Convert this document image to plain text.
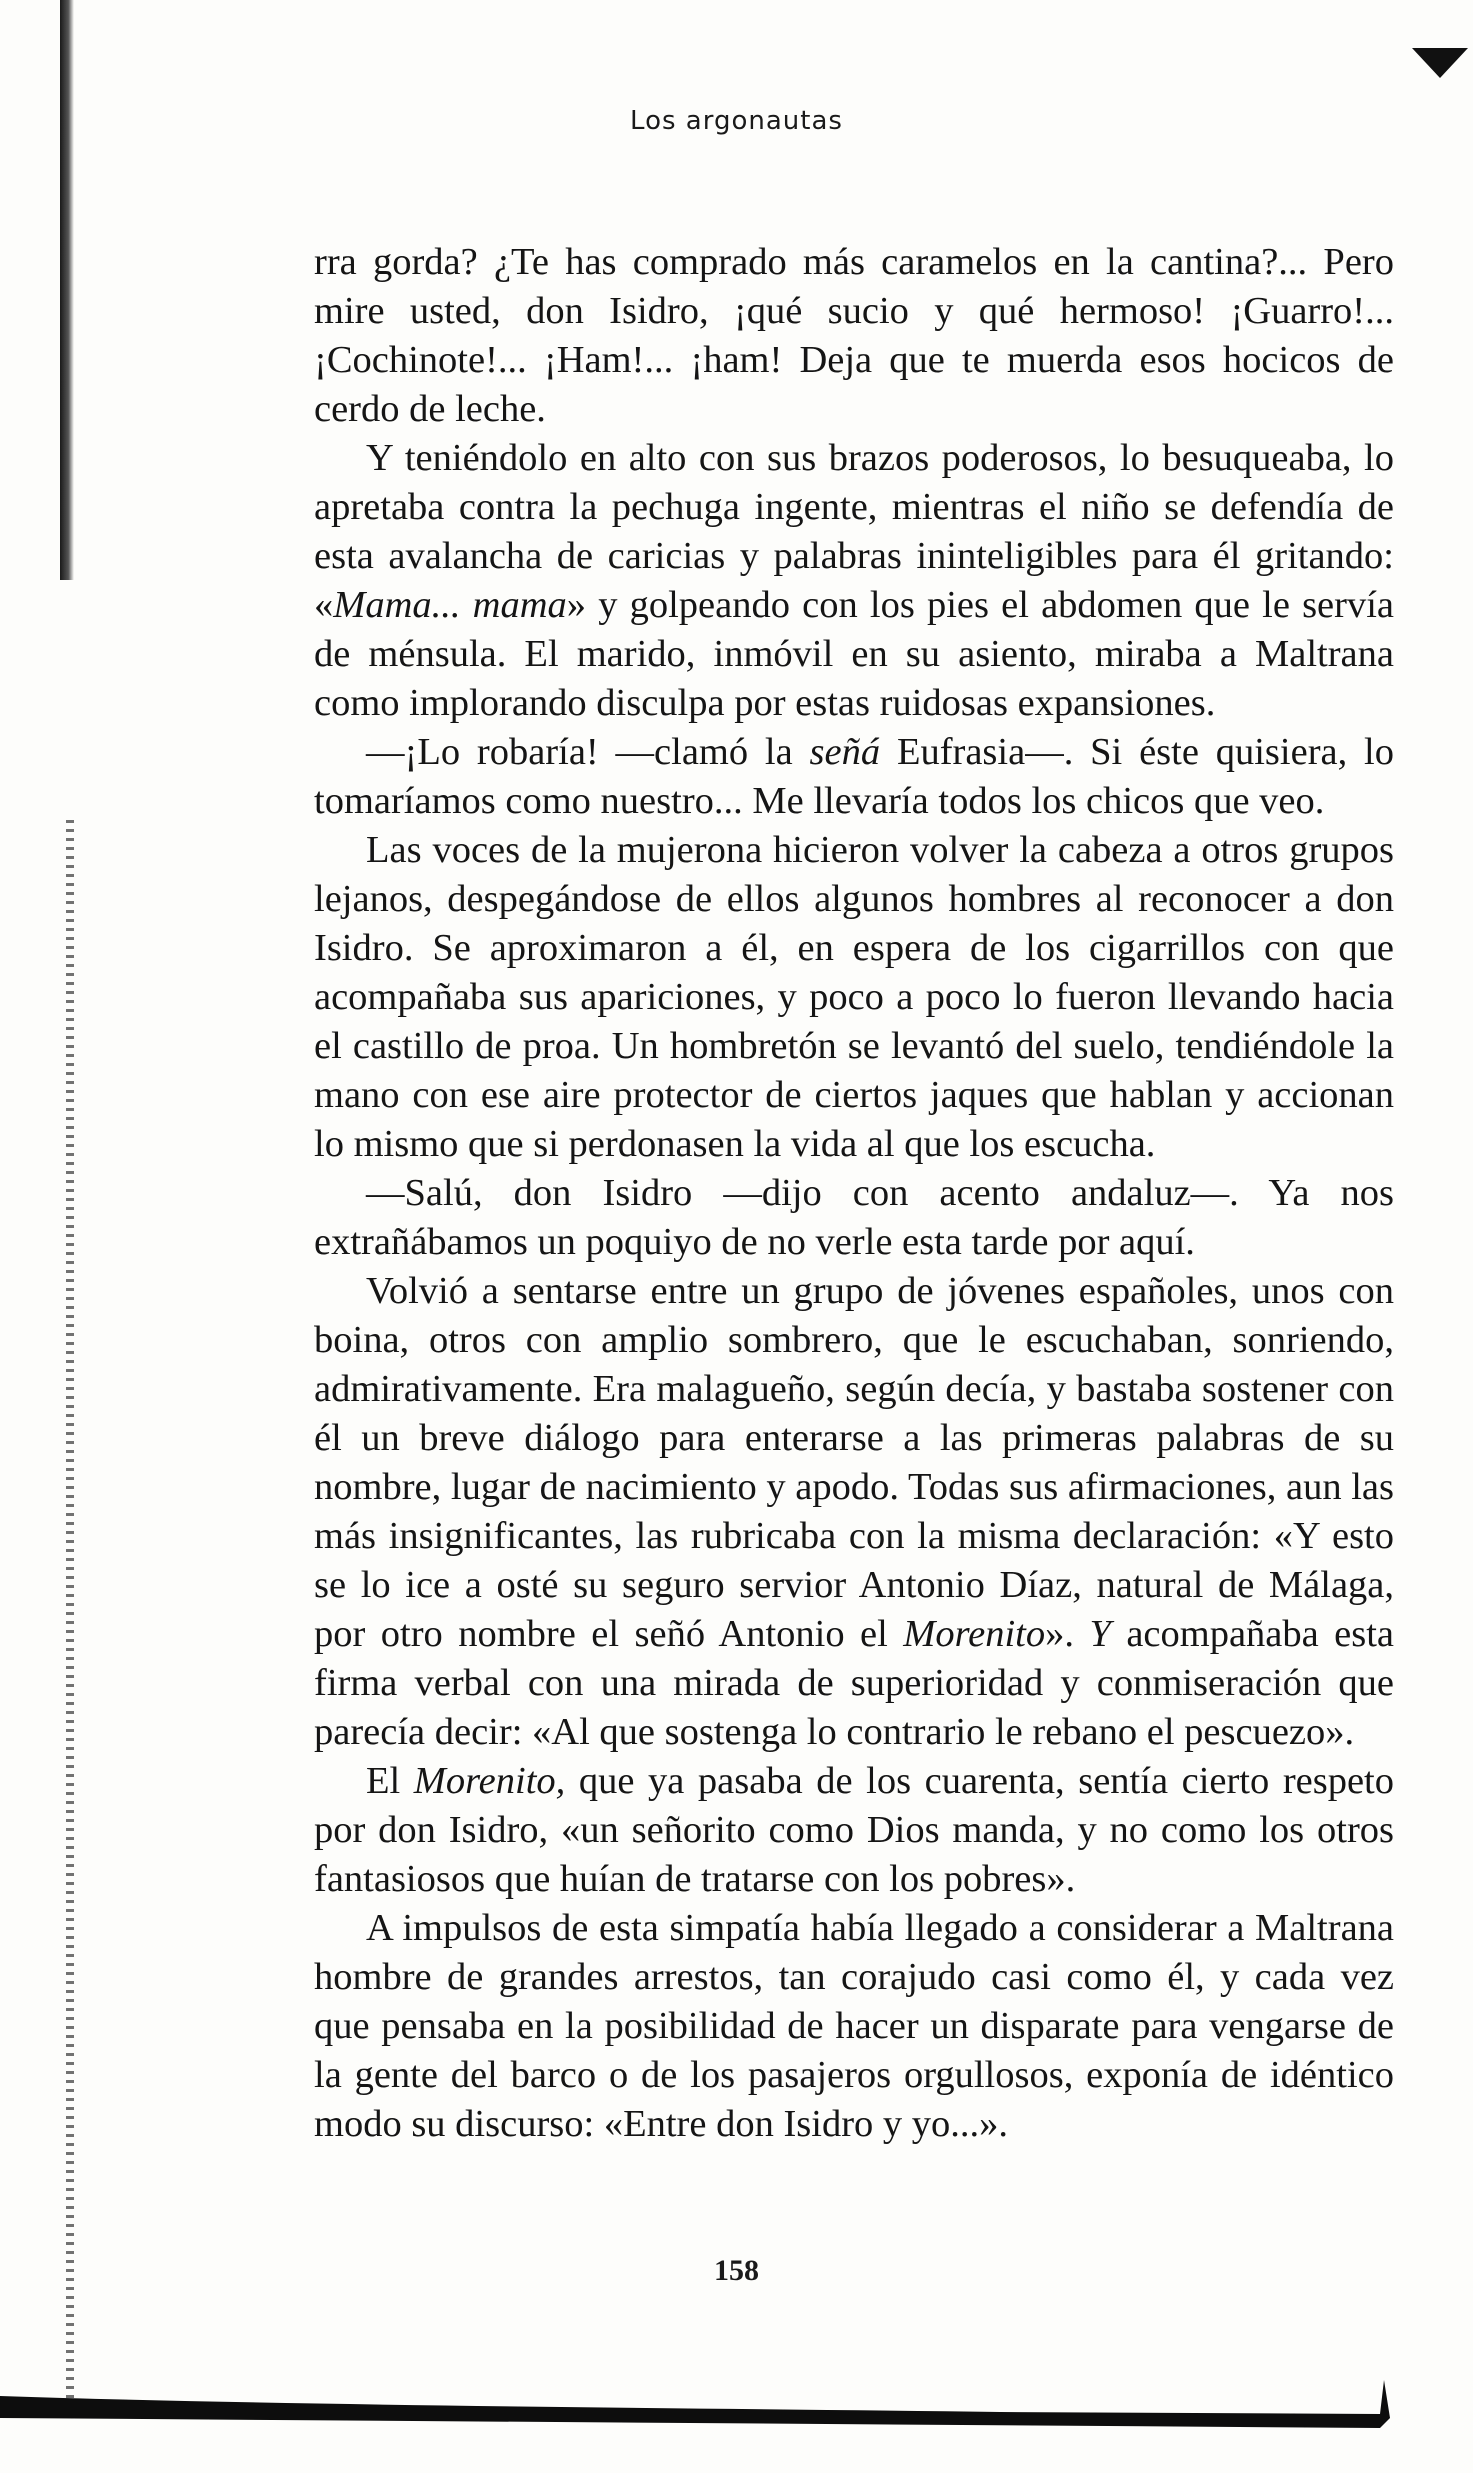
Los argonautas

rra gorda? ¿Te has comprado más caramelos en la cantina?... Pero mire usted, don Isidro, ¡qué sucio y qué hermoso! ¡Guarro!... ¡Cochinote!... ¡Ham!... ¡ham! Deja que te muerda esos hocicos de cerdo de leche.

Y teniéndolo en alto con sus brazos poderosos, lo besuqueaba, lo apretaba contra la pechuga ingente, mientras el niño se defendía de esta avalancha de caricias y palabras ininteligibles para él gritando: «Mama... mama» y golpeando con los pies el abdomen que le servía de ménsula. El marido, inmóvil en su asiento, miraba a Maltrana como implorando disculpa por estas ruidosas expansiones.

—¡Lo robaría! —clamó la señá Eufrasia—. Si éste quisiera, lo tomaríamos como nuestro... Me llevaría todos los chicos que veo.

Las voces de la mujerona hicieron volver la cabeza a otros grupos lejanos, despegándose de ellos algunos hombres al reconocer a don Isidro. Se aproximaron a él, en espera de los cigarrillos con que acompañaba sus apariciones, y poco a poco lo fueron llevando hacia el castillo de proa. Un hombretón se levantó del suelo, tendiéndole la mano con ese aire protector de ciertos jaques que hablan y accionan lo mismo que si perdonasen la vida al que los escucha.

—Salú, don Isidro —dijo con acento andaluz—. Ya nos extrañábamos un poquiyo de no verle esta tarde por aquí.

Volvió a sentarse entre un grupo de jóvenes españoles, unos con boina, otros con amplio sombrero, que le escuchaban, sonriendo, admirativamente. Era malagueño, según decía, y bastaba sostener con él un breve diálogo para enterarse a las primeras palabras de su nombre, lugar de nacimiento y apodo. Todas sus afirmaciones, aun las más insignificantes, las rubricaba con la misma declaración: «Y esto se lo ice a osté su seguro servior Antonio Díaz, natural de Málaga, por otro nombre el señó Antonio el Morenito». Y acompañaba esta firma verbal con una mirada de superioridad y conmiseración que parecía decir: «Al que sostenga lo contrario le rebano el pescuezo».

El Morenito, que ya pasaba de los cuarenta, sentía cierto respeto por don Isidro, «un señorito como Dios manda, y no como los otros fantasiosos que huían de tratarse con los pobres».

A impulsos de esta simpatía había llegado a considerar a Maltrana hombre de grandes arrestos, tan corajudo casi como él, y cada vez que pensaba en la posibilidad de hacer un disparate para vengarse de la gente del barco o de los pasajeros orgullosos, exponía de idéntico modo su discurso: «Entre don Isidro y yo...».

158
